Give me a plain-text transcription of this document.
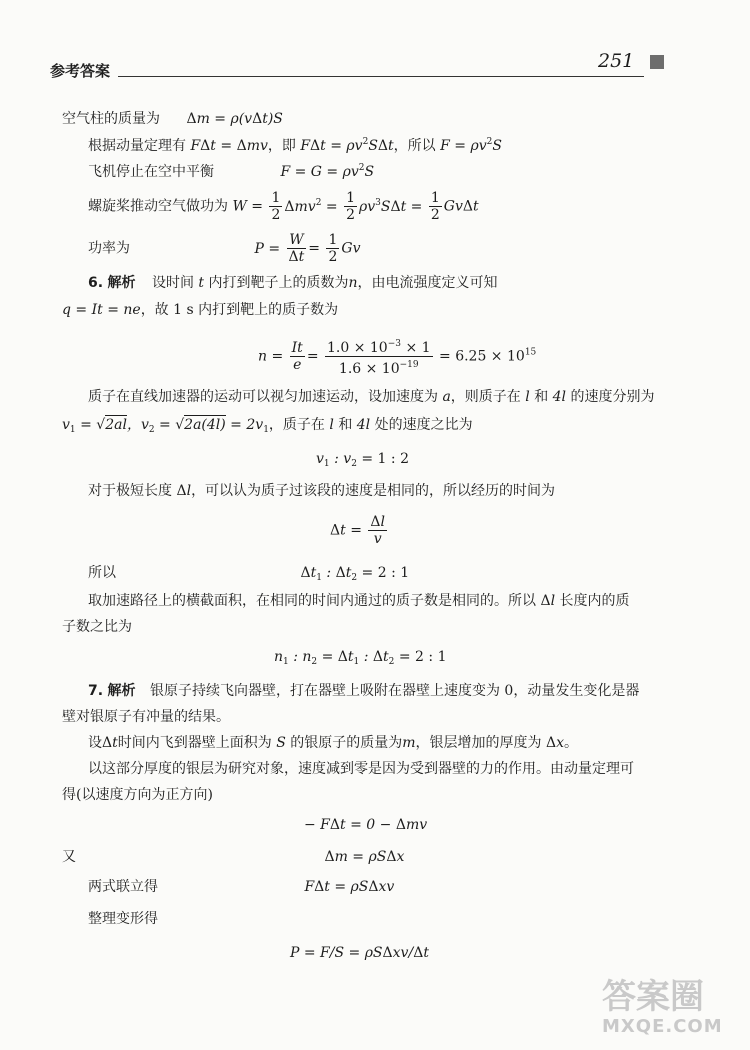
参考答案	251
空气柱的质量为 Δm = ρ(vΔt)S
根据动量定理有 FΔt = Δmv，即 $F\Delta t = \rho v^2S\Delta t$，所以 $F = \rho v^2S$
飞机停止在空中平衡	$F = G = \rho v^2S$
螺旋桨推动空气做功为 $W = \frac{1}{2} \Delta mv^2 = \frac{1}{2} \rho v^3S\Delta t = \frac{1}{2}$ GvΔt
功率为	$P = \frac{W}{\Delta t} = \frac{1}{2}$ Gv
6. 解析 设时间 t 内打到靶子上的质数为n，由电流强度定义可知
q = It = ne，故 1 s 内打到靶上的质子数为
$n = \frac{It}{e} = \frac{1.0 \times 10^{-3} \times 1}{1.6 \times 10^{-19}} = 6.25 \times 10^{15}$
质子在直线加速器的运动可以视匀加速运动，设加速度为 a，则质子在 l 和 4l 的速度分别为
$v_1 = √2al$，$v_2 = √2a(4l) = 2v_1$，质子在 l 和 4l 处的速度之比为
$v_1$ : $v_2 = 1$ : 2
对于极短长度 Δl，可以认为质子过该段的速度是相同的，所以经历的时间为
$\Delta t = \frac{\Delta l}{v}$
所以	$\Delta t_1$ : $\Delta t_2 = 2$ : 1
取加速路径上的横截面积，在相同的时间内通过的质子数是相同的。所以 Δl 长度内的质
子数之比为
$n_1$ : $n_2 = \Delta t_1$ : $\Delta t_2 = 2$ : 1
7. 解析 银原子持续飞向器壁，打在器壁上吸附在器壁上速度变为 0，动量发生变化是器
壁对银原子有冲量的结果。
设Δt时间内飞到器壁上面积为 S 的银原子的质量为m，银层增加的厚度为 Δx。
以这部分厚度的银层为研究对象，速度减到零是因为受到器壁的力的作用。由动量定理可
得(以速度方向为正方向)
− FΔt = 0 − Δmv
又	Δm = ρSΔx
两式联立得	FΔt = ρSΔxv
整理变形得
P = F/S = ρSΔxv/Δt
答案圈
MXQE.COM
